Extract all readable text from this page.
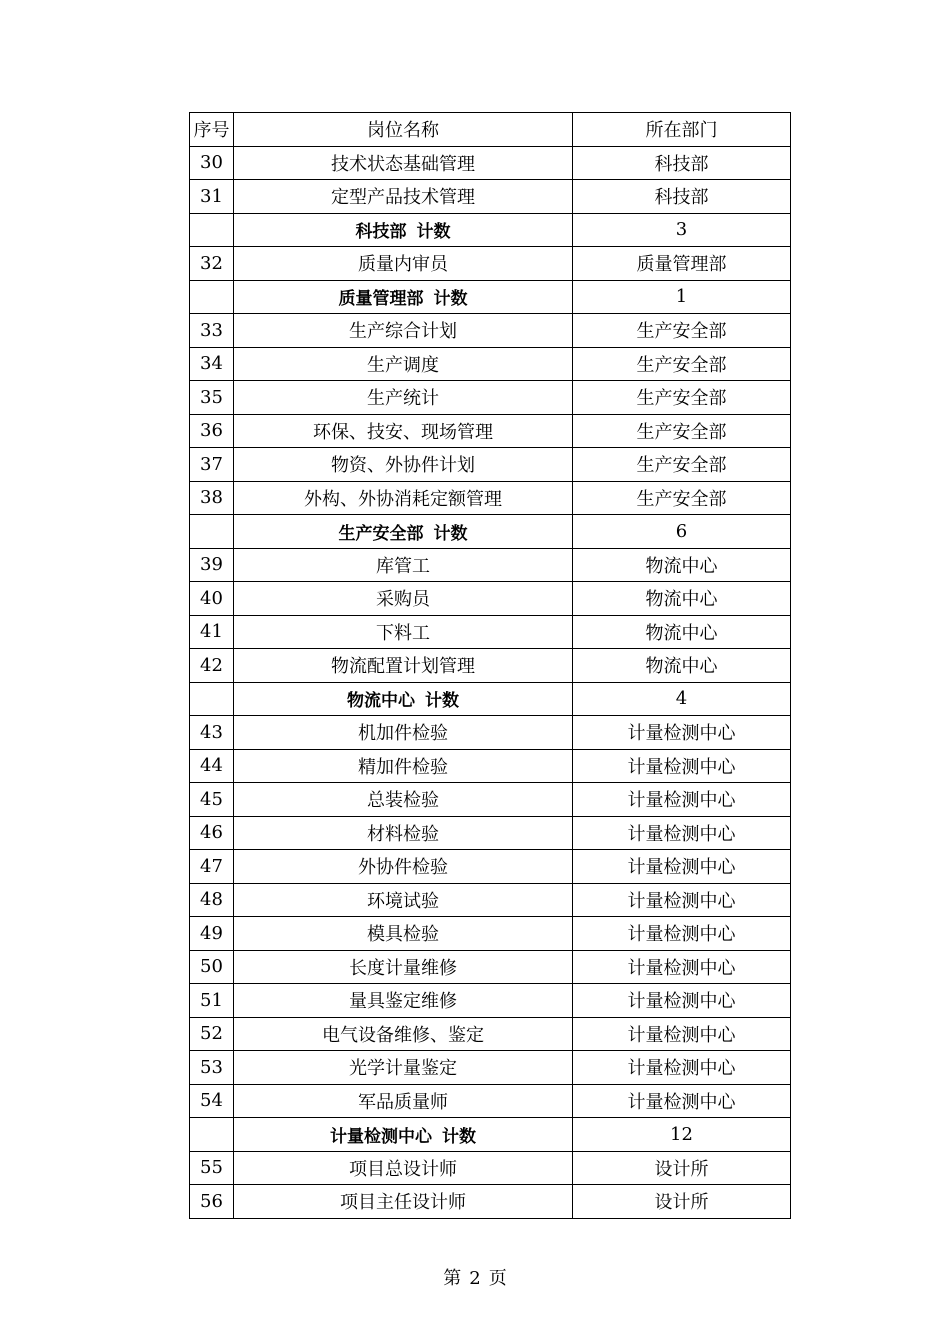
序号	岗位名称	所在部门
30	技术状态基础管理	科技部
31	定型产品技术管理	科技部
	科技部 计数	3
32	质量内审员	质量管理部
	质量管理部 计数	1
33	生产综合计划	生产安全部
34	生产调度	生产安全部
35	生产统计	生产安全部
36	环保、技安、现场管理	生产安全部
37	物资、外协件计划	生产安全部
38	外构、外协消耗定额管理	生产安全部
	生产安全部 计数	6
39	库管工	物流中心
40	采购员	物流中心
41	下料工	物流中心
42	物流配置计划管理	物流中心
	物流中心 计数	4
43	机加件检验	计量检测中心
44	精加件检验	计量检测中心
45	总装检验	计量检测中心
46	材料检验	计量检测中心
47	外协件检验	计量检测中心
48	环境试验	计量检测中心
49	模具检验	计量检测中心
50	长度计量维修	计量检测中心
51	量具鉴定维修	计量检测中心
52	电气设备维修、鉴定	计量检测中心
53	光学计量鉴定	计量检测中心
54	军品质量师	计量检测中心
	计量检测中心 计数	12
55	项目总设计师	设计所
56	项目主任设计师	设计所
第 2 页
